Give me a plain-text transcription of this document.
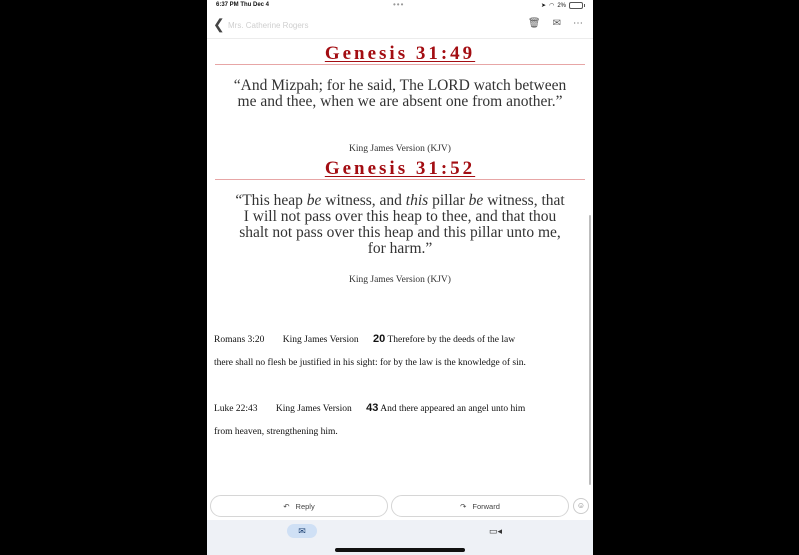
6:37 PM Thu Dec 4	•••	➤ ◠ 2%
❮ Mrs. Catherine Rogers	🗑 ✉ ⋯
Genesis 31:49
“And Mizpah; for he said, The LORD watch between me and thee, when we are absent one from another.”
King James Version (KJV)
Genesis 31:52
“This heap be witness, and this pillar be witness, that I will not pass over this heap to thee, and that thou shalt not pass over this heap and this pillar unto me, for harm.”
King James Version (KJV)
Romans 3:20 King James Version 20 Therefore by the deeds of the law
there shall no flesh be justified in his sight: for by the law is the knowledge of sin.
Luke 22:43 King James Version 43 And there appeared an angel unto him
from heaven, strengthening him.
↶ Reply	↷ Forward	☺
✉	▭◂
